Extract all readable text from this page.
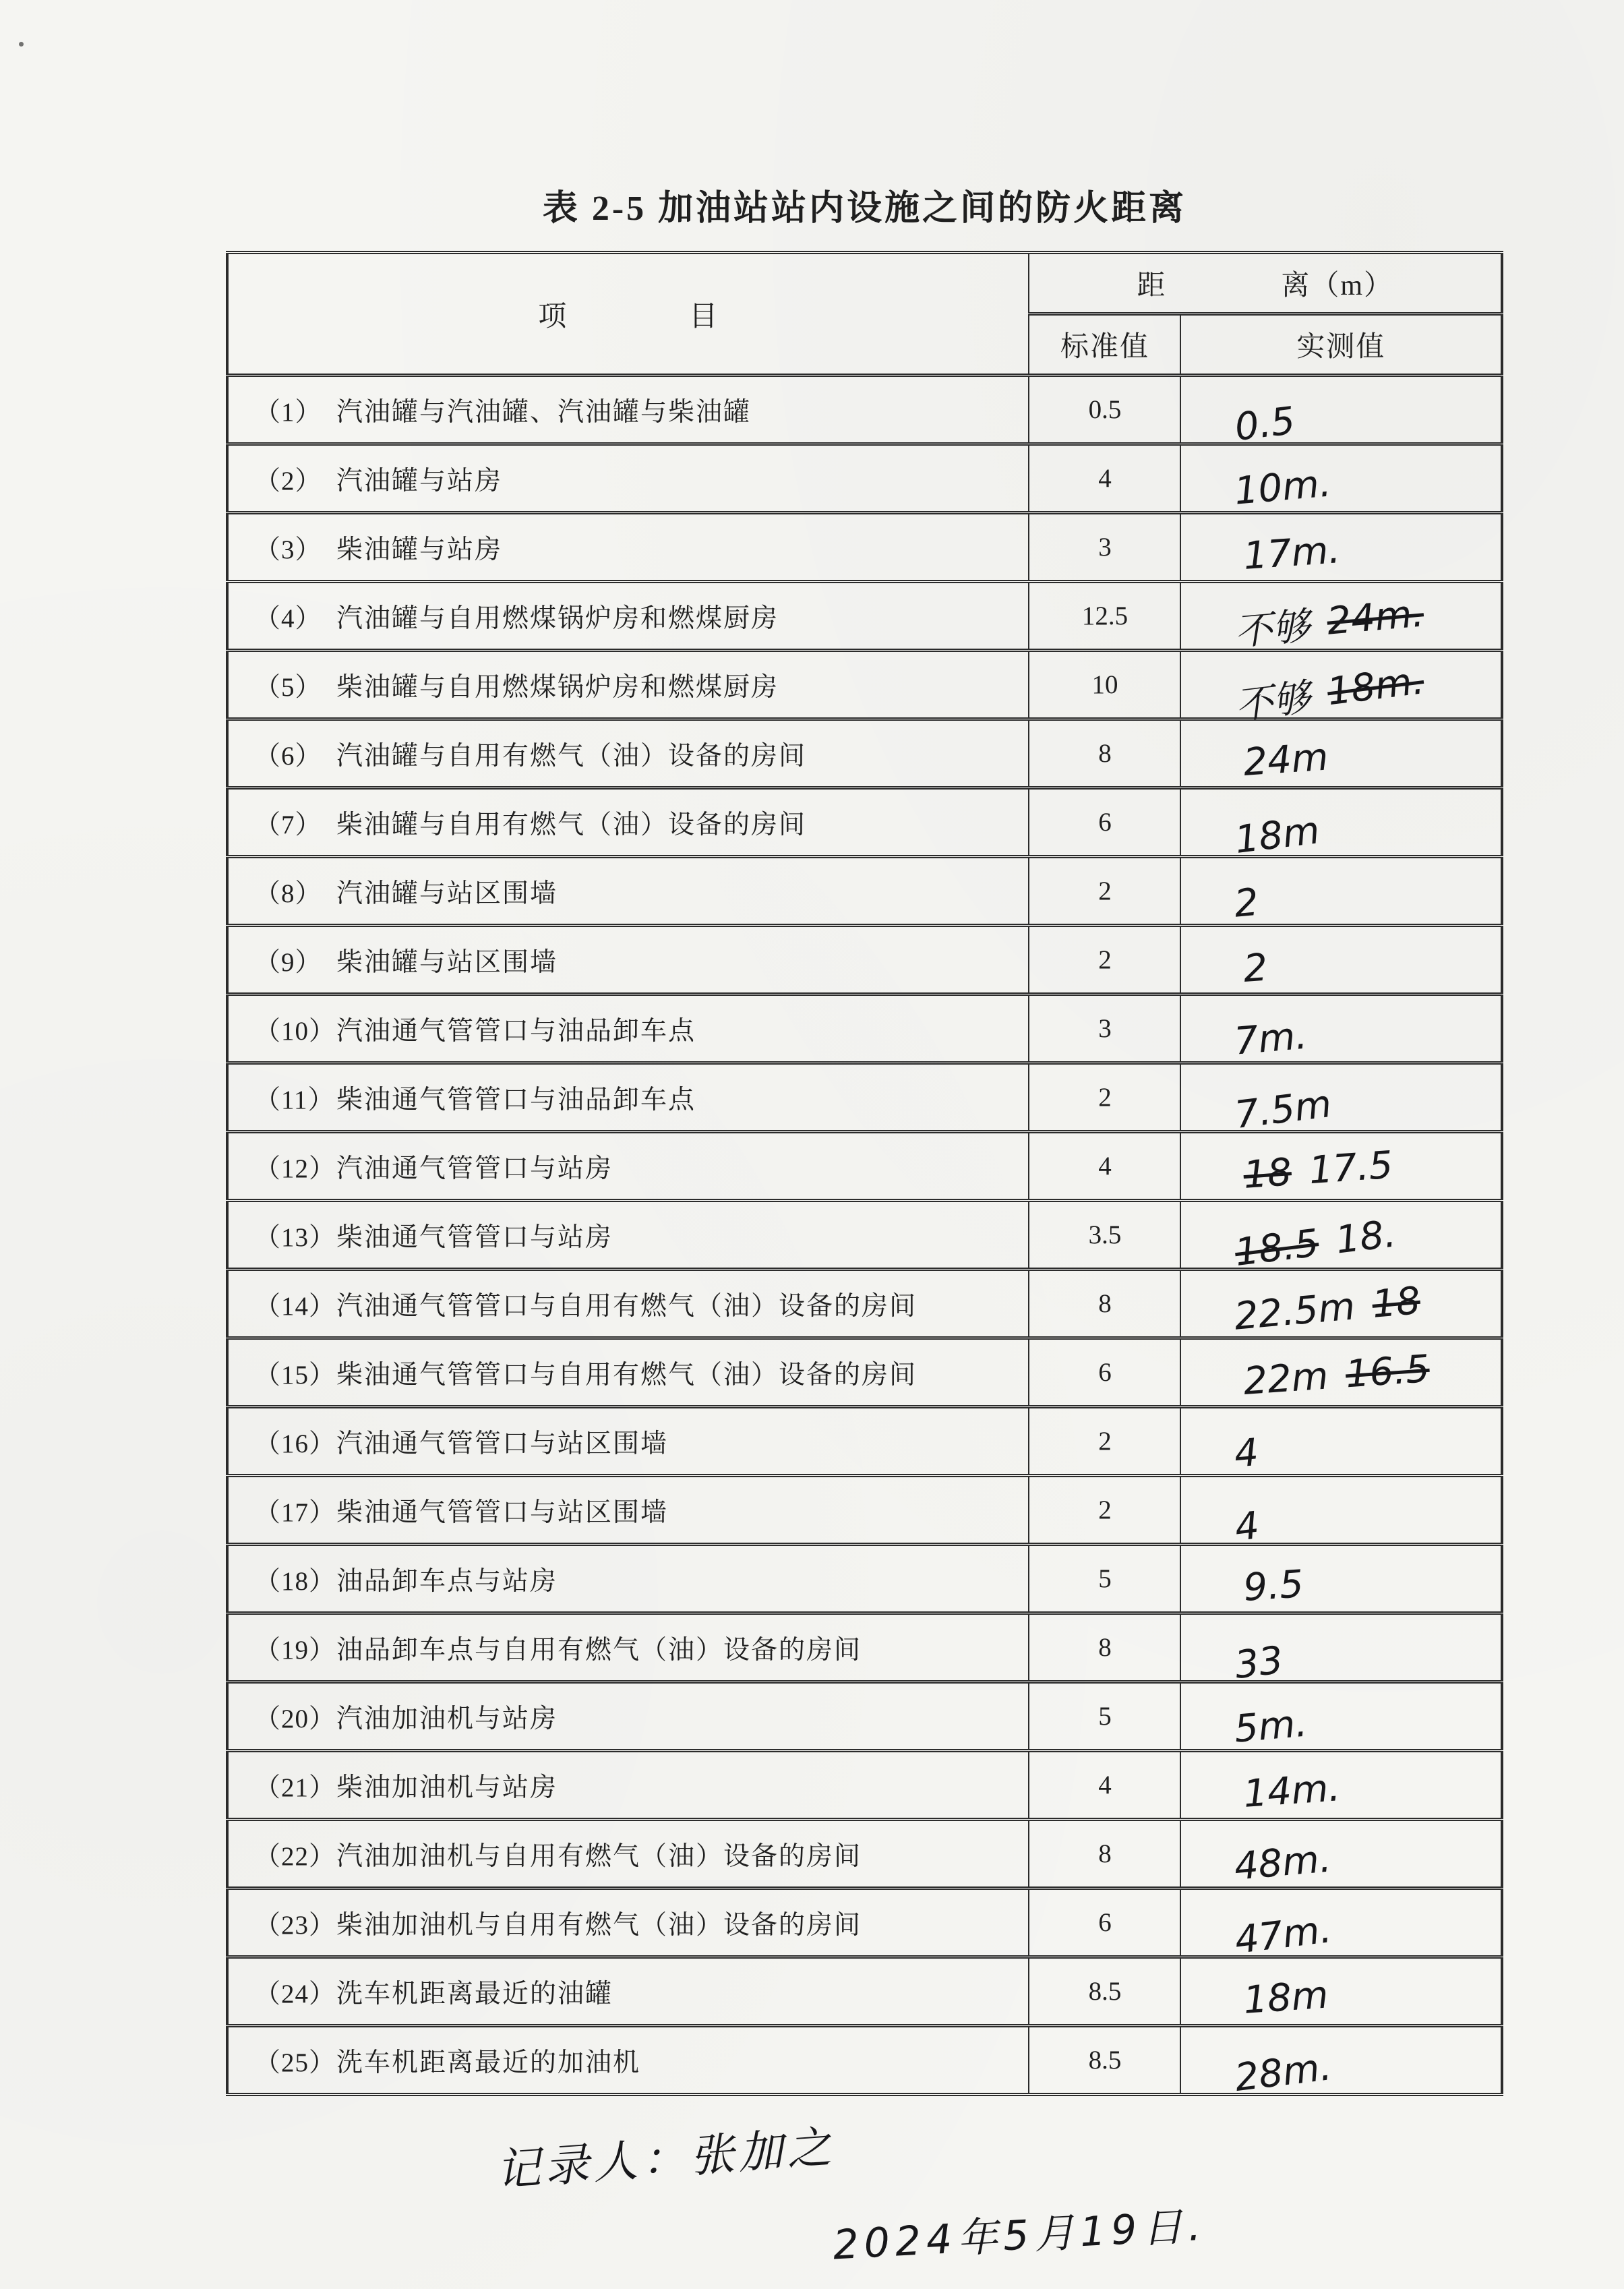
表 2-5 加油站站内设施之间的防火距离
项 目	距 离（m）	

	标准值	实测值
（1） 汽油罐与汽油罐、汽油罐与柴油罐	0.5	0.5

（2） 汽油罐与站房	4	10m.

（3） 柴油罐与站房	3	17m.

（4） 汽油罐与自用燃煤锅炉房和燃煤厨房	12.5	不够 24m.

（5） 柴油罐与自用燃煤锅炉房和燃煤厨房	10	不够 18m.

（6） 汽油罐与自用有燃气（油）设备的房间	8	24m

（7） 柴油罐与自用有燃气（油）设备的房间	6	18m

（8） 汽油罐与站区围墙	2	2

（9） 柴油罐与站区围墙	2	2

（10）汽油通气管管口与油品卸车点	3	7m.

（11）柴油通气管管口与油品卸车点	2	7.5m

（12）汽油通气管管口与站房	4	18 17.5

（13）柴油通气管管口与站房	3.5	18.5 18.

（14）汽油通气管管口与自用有燃气（油）设备的房间	8	22.5m 18

（15）柴油通气管管口与自用有燃气（油）设备的房间	6	22m 16.5

（16）汽油通气管管口与站区围墙	2	4

（17）柴油通气管管口与站区围墙	2	4

（18）油品卸车点与站房	5	9.5

（19）油品卸车点与自用有燃气（油）设备的房间	8	33

（20）汽油加油机与站房	5	5m.

（21）柴油加油机与站房	4	14m.

（22）汽油加油机与自用有燃气（油）设备的房间	8	48m.

（23）柴油加油机与自用有燃气（油）设备的房间	6	47m.

（24）洗车机距离最近的油罐	8.5	18m

（25）洗车机距离最近的加油机	8.5	28m.
记录人：张加之
2024年5月19日.
